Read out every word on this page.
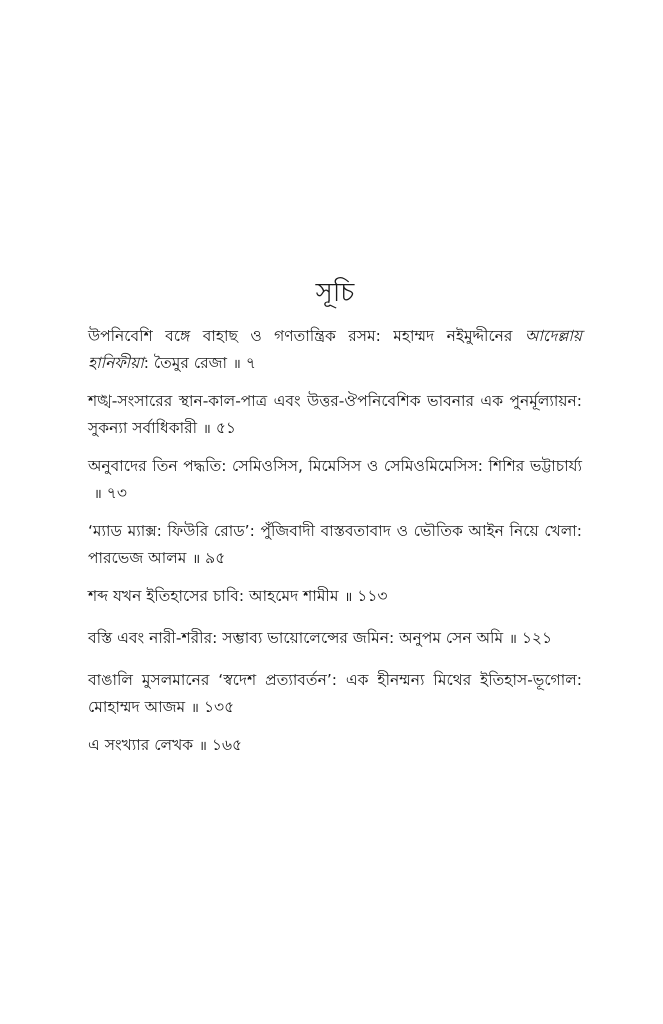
সূচি
উপনিবেশি বঙ্গে বাহাছ ও গণতান্ত্রিক রসম: মহাম্মদ নইমুদ্দীনের আদেল্লায় হানিফীয়া: তৈমুর রেজা ॥ ৭
শঙ্খ-সংসারের স্থান-কাল-পাত্র এবং উত্তর-ঔপনিবেশিক ভাবনার এক পুনর্মূল্যায়ন: সুকন্যা সর্বাধিকারী ॥ ৫১
অনুবাদের তিন পদ্ধতি: সেমিওসিস, মিমেসিস ও সেমিওমিমেসিস: শিশির ভট্টাচার্য্য॥ ৭৩
‘ম্যাড ম্যাক্স: ফিউরি রোড’: পুঁজিবাদী বাস্তবতাবাদ ও ভৌতিক আইন নিয়ে খেলা: পারভেজ আলম ॥ ৯৫
শব্দ যখন ইতিহাসের চাবি: আহমেদ শামীম ॥ ১১৩
বস্তি এবং নারী-শরীর: সম্ভাব্য ভায়োলেন্সের জমিন: অনুপম সেন অমি ॥ ১২১
বাঙালি মুসলমানের ‘স্বদেশ প্রত্যাবর্তন’: এক হীনম্মন্য মিথের ইতিহাস-ভূগোল: মোহাম্মদ আজম ॥ ১৩৫
এ সংখ্যার লেখক ॥ ১৬৫
